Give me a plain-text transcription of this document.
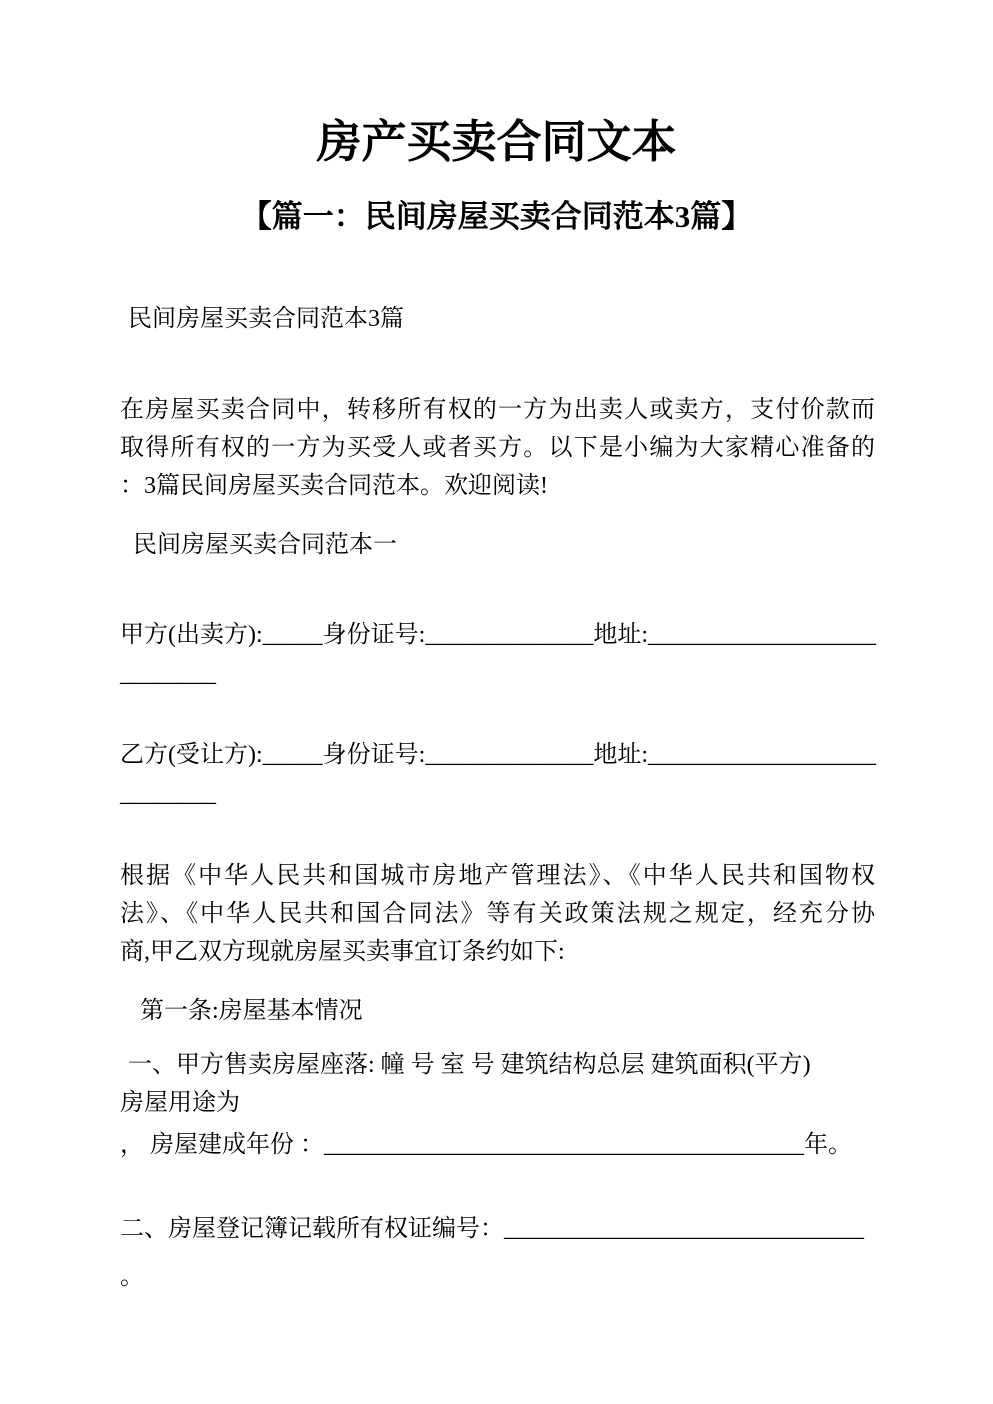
房产买卖合同文本
【篇一：民间房屋买卖合同范本3篇】
民间房屋买卖合同范本3篇
在房屋买卖合同中，转移所有权的一方为出卖人或卖方，支付价款而
取得所有权的一方为买受人或者买方。以下是小编为大家精心准备的
：3篇民间房屋买卖合同范本。欢迎阅读!
民间房屋买卖合同范本一
甲方(出卖方):_____身份证号:______________地址:___________________
________
乙方(受让方):_____身份证号:______________地址:___________________
________
根据《中华人民共和国城市房地产管理法》、《中华人民共和国物权
法》、《中华人民共和国合同法》等有关政策法规之规定，经充分协
商,甲乙双方现就房屋买卖事宜订条约如下:
第一条:房屋基本情况
一、甲方售卖房屋座落: 幢 号 室 号 建筑结构总层 建筑面积(平方)
房屋用途为
， 房屋建成年份 ：________________________________________年。
二、房屋登记簿记载所有权证编号：______________________________
。
